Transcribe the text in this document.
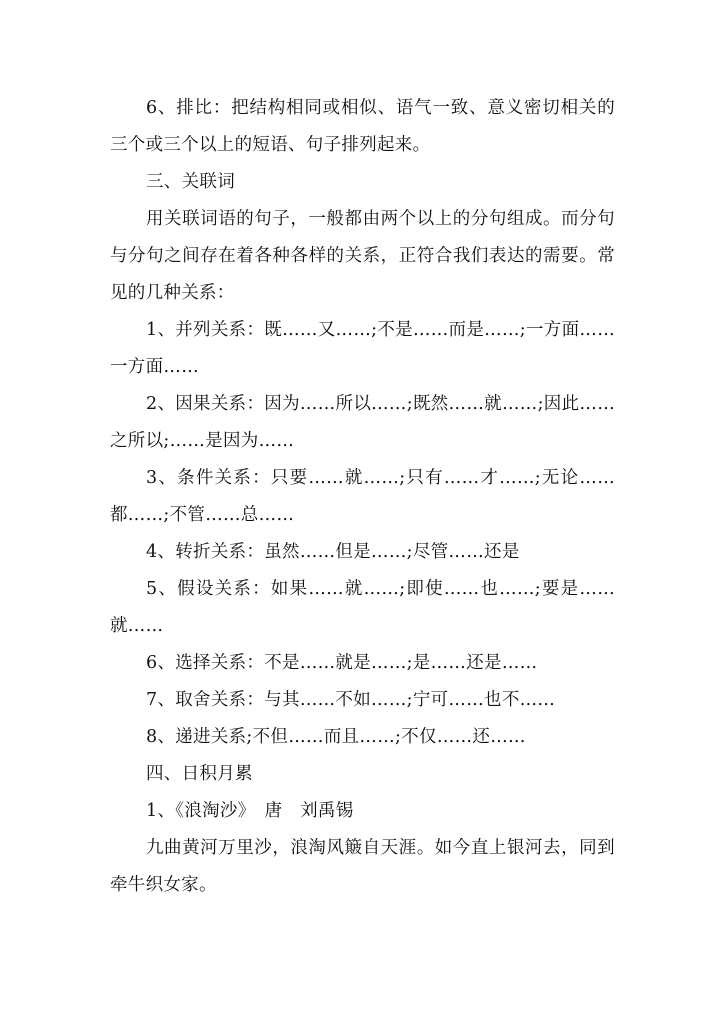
6、排比：把结构相同或相似、语气一致、意义密切相关的三个或三个以上的短语、句子排列起来。

三、关联词

用关联词语的句子，一般都由两个以上的分句组成。而分句与分句之间存在着各种各样的关系，正符合我们表达的需要。常见的几种关系：

1、并列关系：既……又……;不是……而是……;一方面……一方面……

2、因果关系：因为……所以……;既然……就……;因此……之所以;……是因为……

3、条件关系：只要……就……;只有……才……;无论……都……;不管……总……

4、转折关系：虽然……但是……;尽管……还是

5、假设关系：如果……就……;即使……也……;要是……就……

6、选择关系：不是……就是……;是……还是……

7、取舍关系：与其……不如……;宁可……也不……

8、递进关系;不但……而且……;不仅……还……

四、日积月累

1、《浪淘沙》　唐　刘禹锡

九曲黄河万里沙，浪淘风簸自天涯。如今直上银河去，同到牵牛织女家。
